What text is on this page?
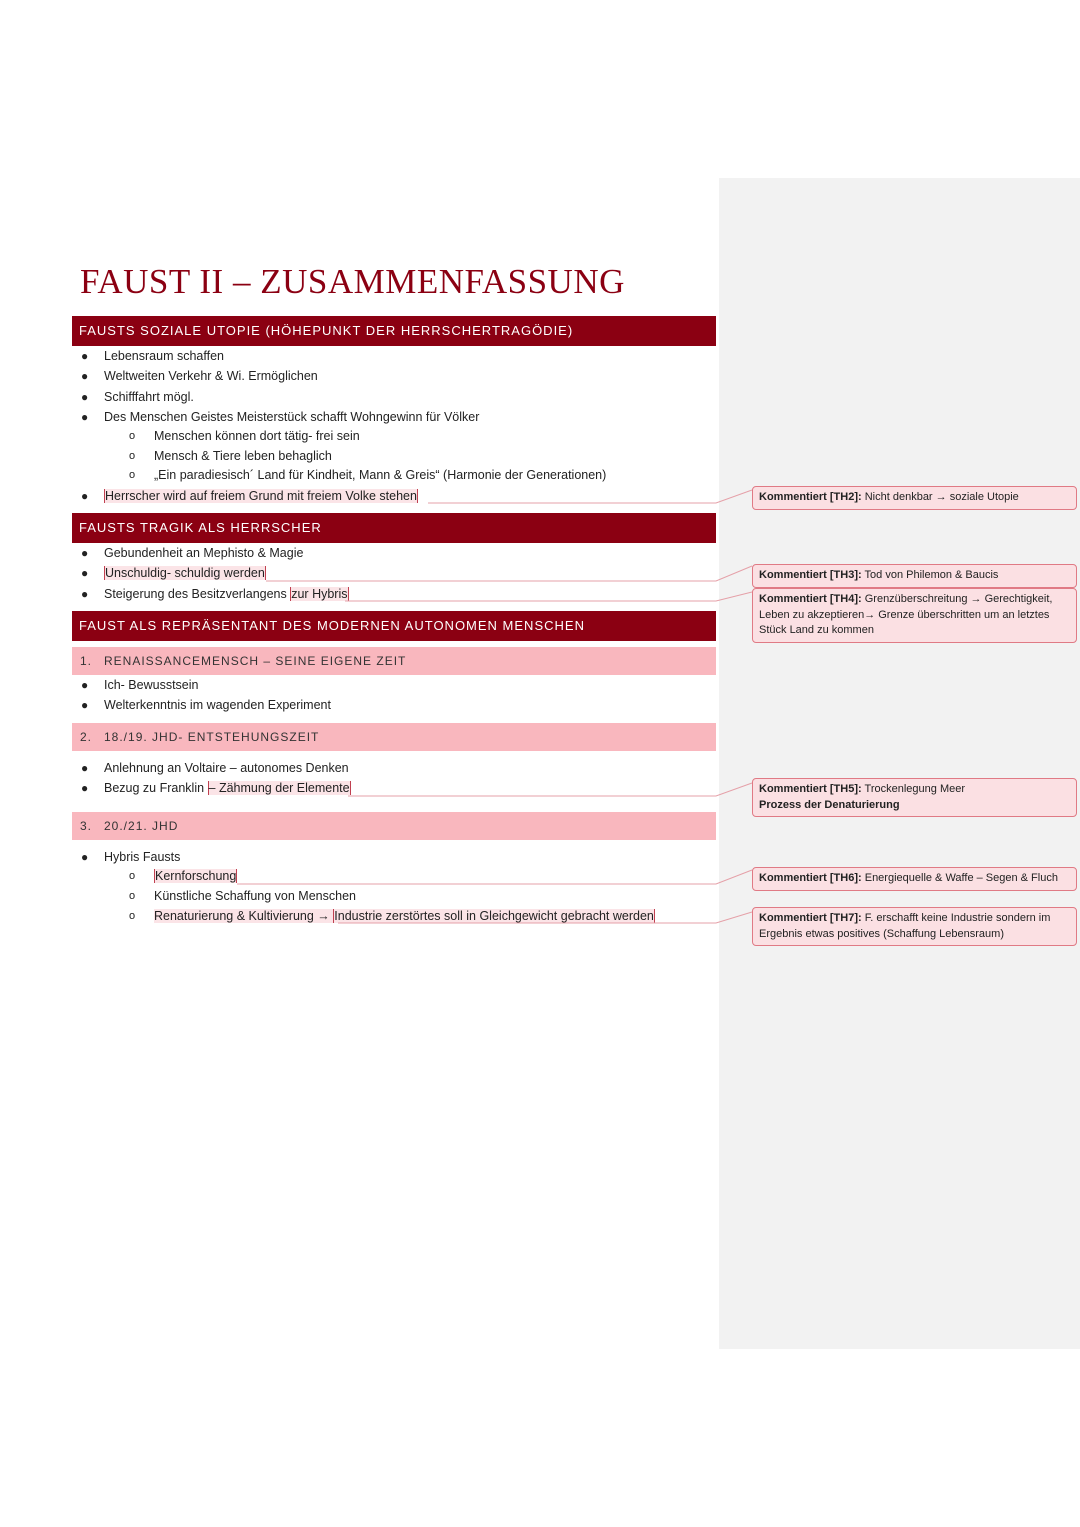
FAUST II – ZUSAMMENFASSUNG
FAUSTS SOZIALE UTOPIE (HÖHEPUNKT DER HERRSCHERTRAGÖDIE)
● Lebensraum schaffen
● Weltweiten Verkehr & Wi. Ermöglichen
● Schifffahrt mögl.
● Des Menschen Geistes Meisterstück schafft Wohngewinn für Völker
o Menschen können dort tätig- frei sein
o Mensch & Tiere leben behaglich
o „Ein paradiesisch´ Land für Kindheit, Mann & Greis“ (Harmonie der Generationen)
● Herrscher wird auf freiem Grund mit freiem Volke stehen
FAUSTS TRAGIK ALS HERRSCHER
● Gebundenheit an Mephisto & Magie
● Unschuldig- schuldig werden
● Steigerung des Besitzverlangens zur Hybris
FAUST ALS REPRÄSENTANT DES MODERNEN AUTONOMEN MENSCHEN
1. RENAISSANCEMENSCH – SEINE EIGENE ZEIT
● Ich- Bewusstsein
● Welterkenntnis im wagenden Experiment
2. 18./19. JHD- ENTSTEHUNGSZEIT
● Anlehnung an Voltaire – autonomes Denken
● Bezug zu Franklin – Zähmung der Elemente
3. 20./21. JHD
● Hybris Fausts
o Kernforschung
o Künstliche Schaffung von Menschen
o Renaturierung & Kultivierung → Industrie zerstörtes soll in Gleichgewicht gebracht werden
Kommentiert [TH2]: Nicht denkbar → soziale Utopie
Kommentiert [TH3]: Tod von Philemon & Baucis
Kommentiert [TH4]: Grenzüberschreitung → Gerechtigkeit, Leben zu akzeptieren→ Grenze überschritten um an letztes Stück Land zu kommen
Kommentiert [TH5]: Trockenlegung Meer
Prozess der Denaturierung
Kommentiert [TH6]: Energiequelle & Waffe – Segen & Fluch
Kommentiert [TH7]: F. erschafft keine Industrie sondern im Ergebnis etwas positives (Schaffung Lebensraum)
